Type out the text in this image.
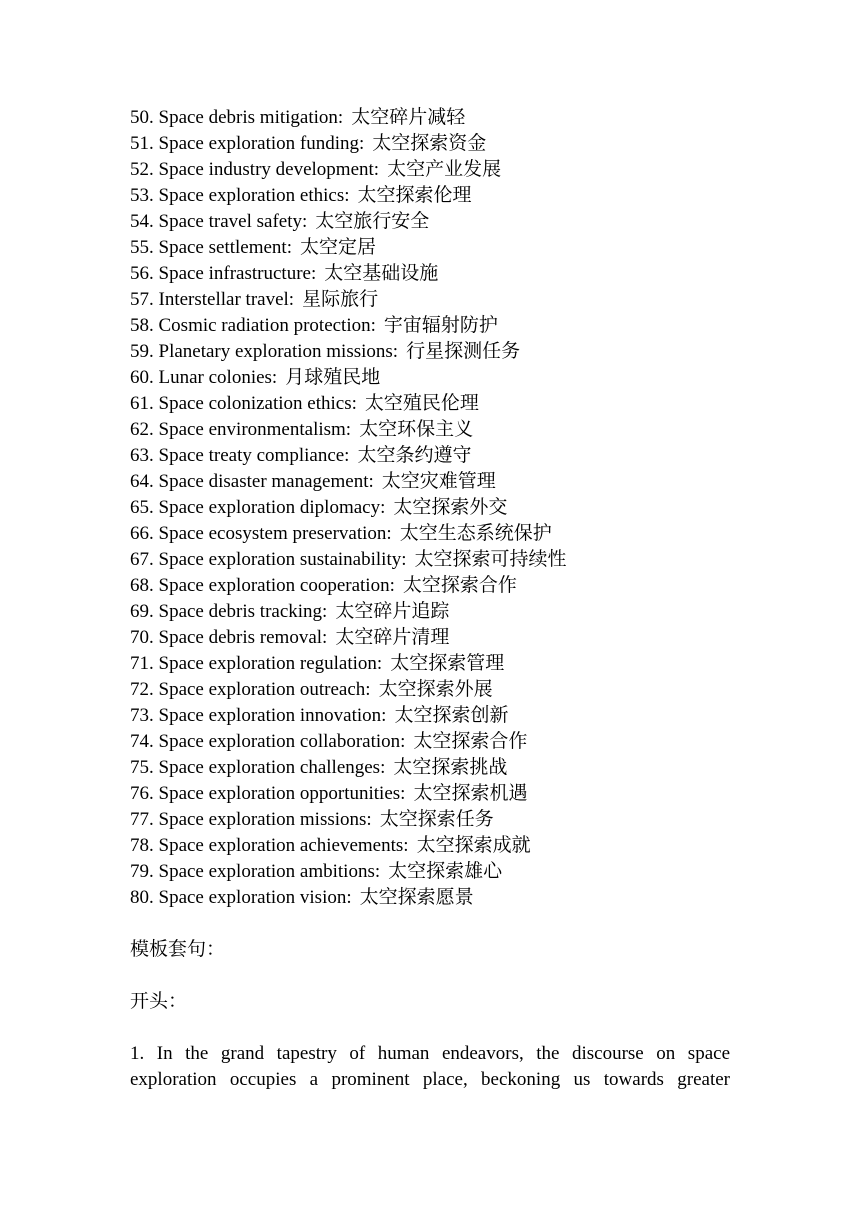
50. Space debris mitigation: 太空碎片减轻
51. Space exploration funding: 太空探索资金
52. Space industry development: 太空产业发展
53. Space exploration ethics: 太空探索伦理
54. Space travel safety: 太空旅行安全
55. Space settlement: 太空定居
56. Space infrastructure: 太空基础设施
57. Interstellar travel: 星际旅行
58. Cosmic radiation protection: 宇宙辐射防护
59. Planetary exploration missions: 行星探测任务
60. Lunar colonies: 月球殖民地
61. Space colonization ethics: 太空殖民伦理
62. Space environmentalism: 太空环保主义
63. Space treaty compliance: 太空条约遵守
64. Space disaster management: 太空灾难管理
65. Space exploration diplomacy: 太空探索外交
66. Space ecosystem preservation: 太空生态系统保护
67. Space exploration sustainability: 太空探索可持续性
68. Space exploration cooperation: 太空探索合作
69. Space debris tracking: 太空碎片追踪
70. Space debris removal: 太空碎片清理
71. Space exploration regulation: 太空探索管理
72. Space exploration outreach: 太空探索外展
73. Space exploration innovation: 太空探索创新
74. Space exploration collaboration: 太空探索合作
75. Space exploration challenges: 太空探索挑战
76. Space exploration opportunities: 太空探索机遇
77. Space exploration missions: 太空探索任务
78. Space exploration achievements: 太空探索成就
79. Space exploration ambitions: 太空探索雄心
80. Space exploration vision: 太空探索愿景
模板套句：
开头：
1. In the grand tapestry of human endeavors, the discourse on space
exploration occupies a prominent place, beckoning us towards greater
